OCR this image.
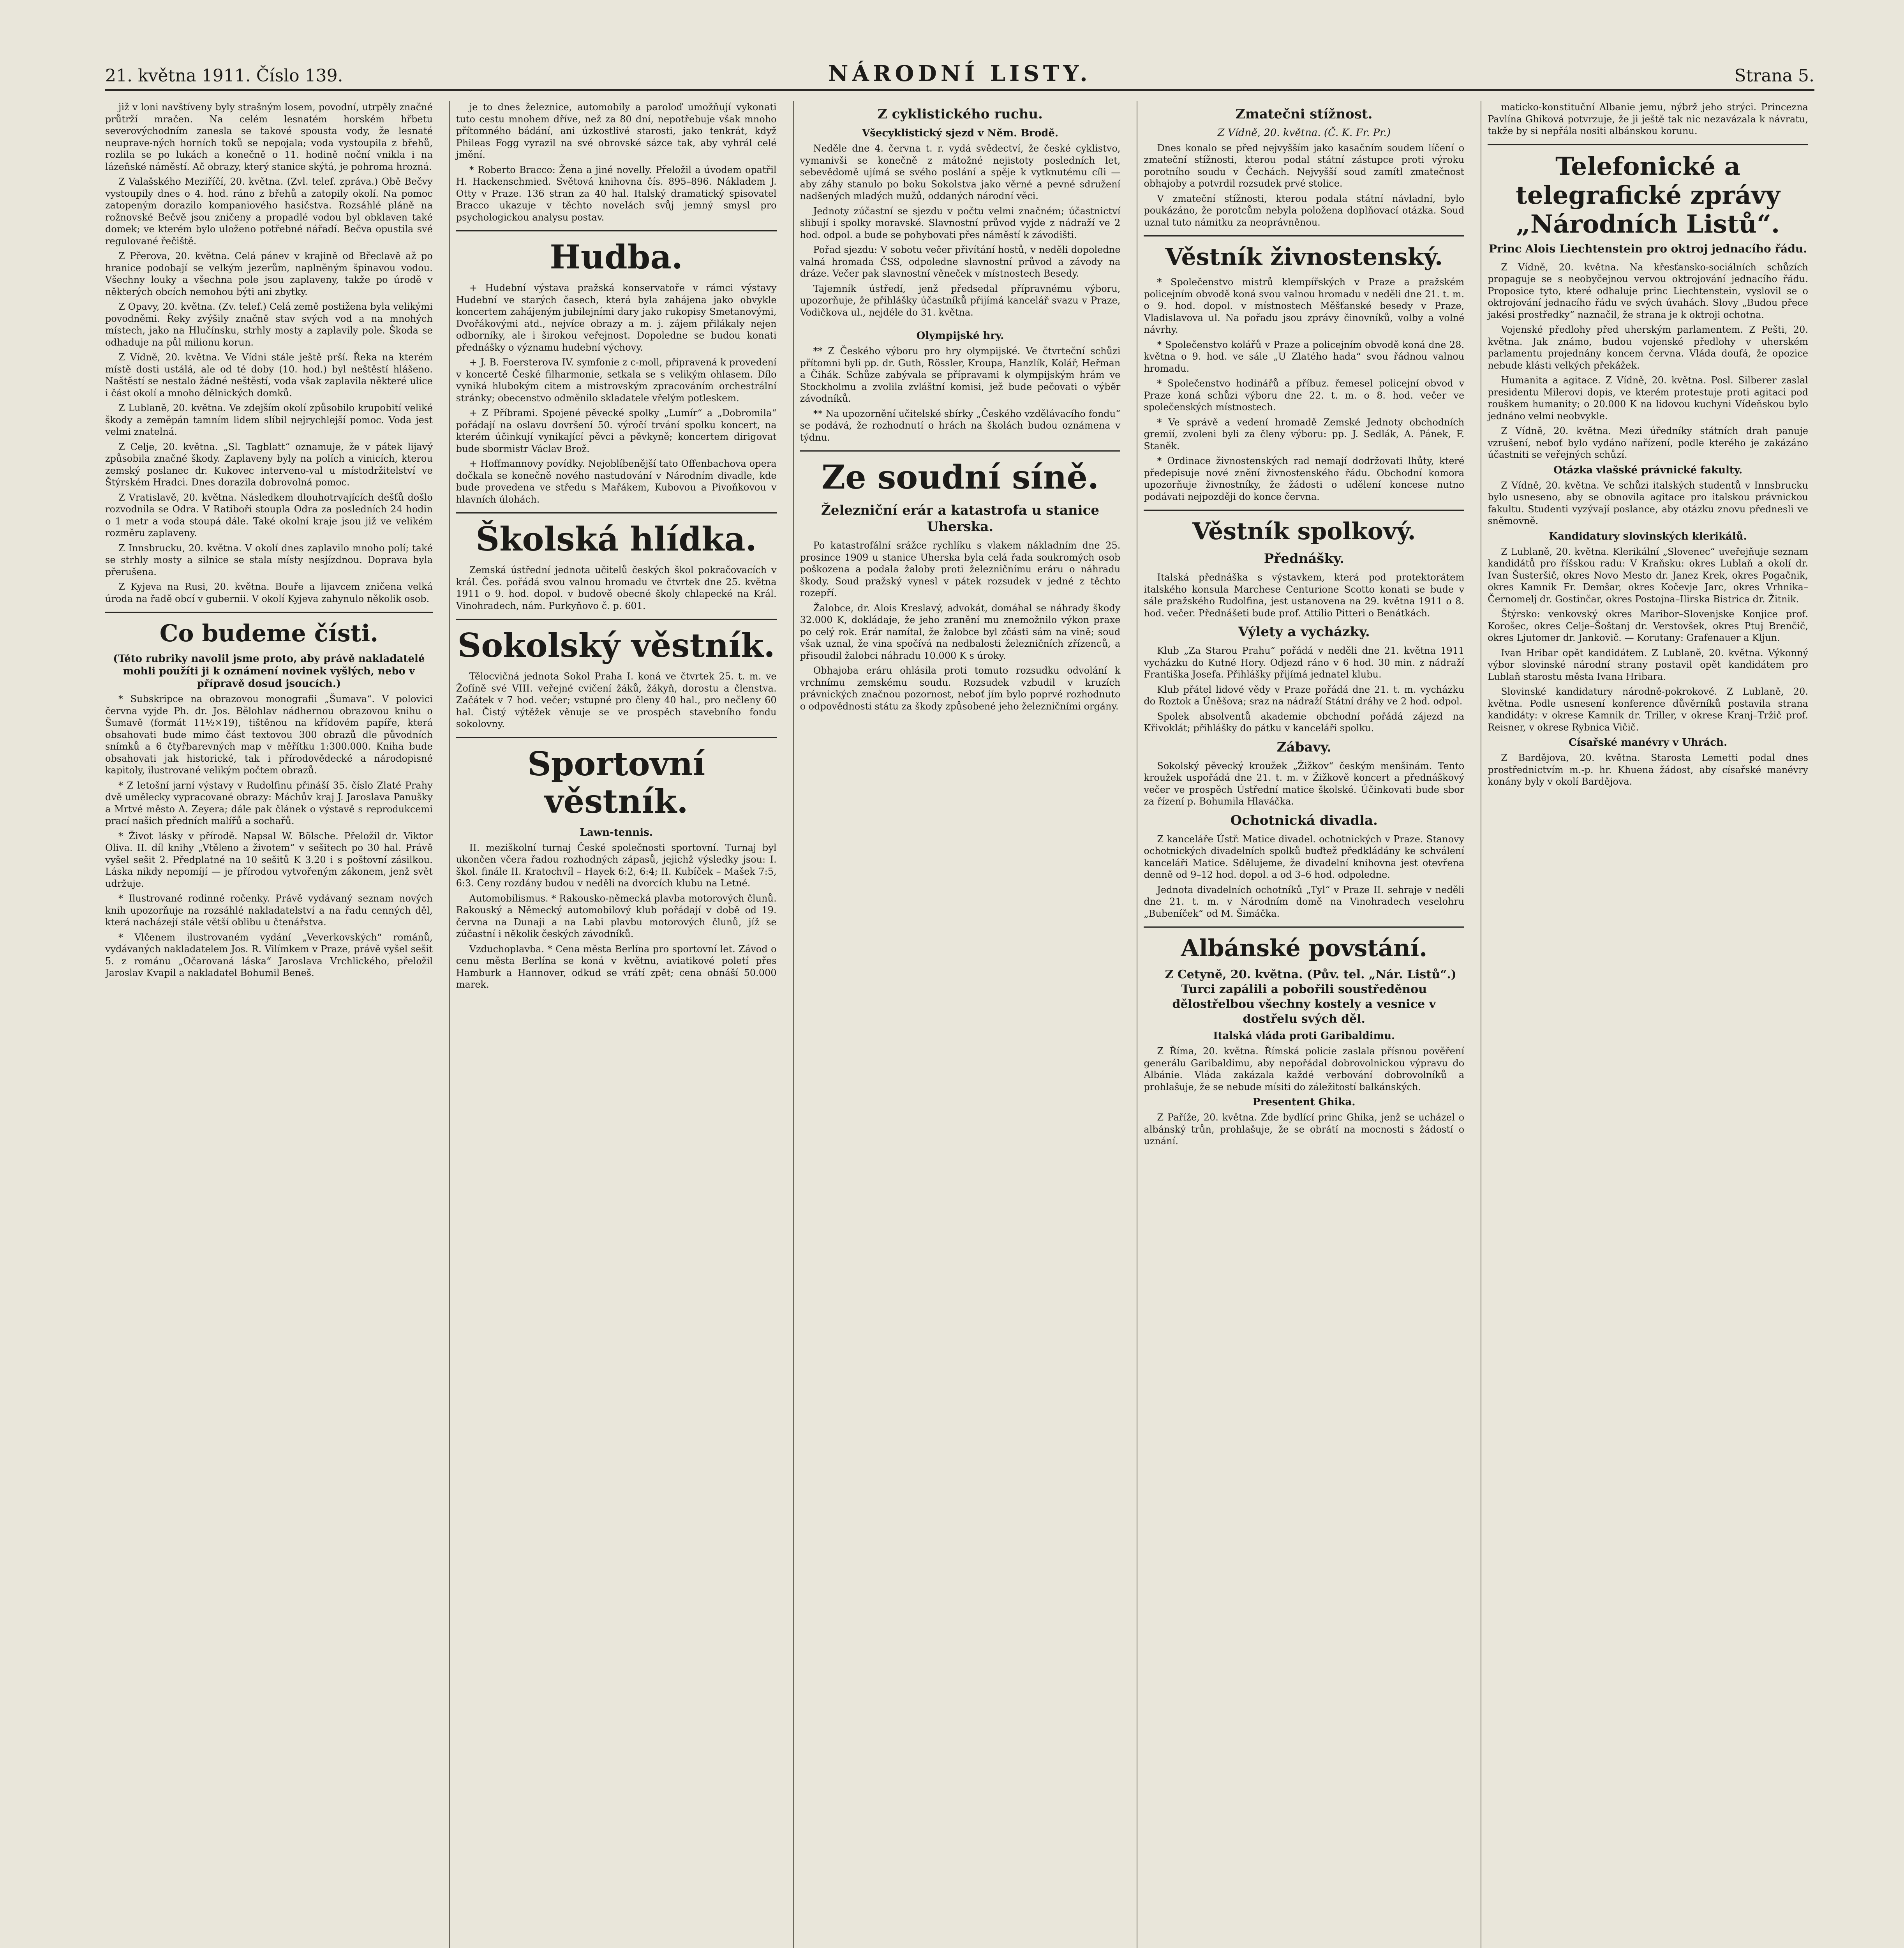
21. května 1911. Číslo 139.	NÁRODNÍ LISTY.	Strana 5.

již v loni navštíveny byly strašným losem, povodní, utrpěly značné průtrží mračen. Na celém lesnatém horském hřbetu severovýchodním zanesla se takové spousta vody, že lesnaté neuprave‑ných horních toků se nepojala; voda vystoupila z břehů, rozlila se po lukách a konečně o 11. hodině noční vnikla i na lázeňské náměstí. Ač obrazy, který stanice skýtá, je pohroma hrozná.

Z Valašského Meziříčí, 20. května. (Zvl. telef. zpráva.) Obě Bečvy vystoupily dnes o 4. hod. ráno z břehů a zatopily okolí. Na pomoc zatopeným dorazilo kompaniového hasičstva. Rozsáhlé pláně na rožnovské Bečvě jsou zničeny a propadlé vodou byl obklaven také domek; ve kterém bylo uloženo potřebné nářadí. Bečva opustila své regulované řečiště.

Z Přerova, 20. května. Celá pánev v krajině od Břeclavě až po hranice podobají se velkým jezerům, naplněným špinavou vodou. Všechny louky a všechna pole jsou zaplaveny, takže po úrodě v některých obcích nemohou býti ani zbytky.

Z Opavy, 20. května. (Zv. telef.) Celá země postižena byla velikými povodněmi. Řeky zvýšily značně stav svých vod a na mnohých místech, jako na Hlučínsku, strhly mosty a zaplavily pole. Škoda se odhaduje na půl milionu korun.

Z Vídně, 20. května. Ve Vídni stále ještě prší. Řeka na kterém místě dosti ustálá, ale od té doby (10. hod.) byl neštěstí hlášeno. Naštěstí se nestalo žádné neštěstí, voda však zaplavila některé ulice i část okolí a mnoho dělnických domků.

Z Lublaně, 20. května. Ve zdejším okolí způsobilo krupobití veliké škody a zeměpán tamním lidem slíbil nejrychlejší pomoc. Voda jest velmi znatelná.

Z Celje, 20. května. „Sl. Tagblatt“ oznamuje, že v pátek lijavý způsobila značné škody. Zaplaveny byly na polích a vinicích, kterou zemský poslanec dr. Kukovec interveno‑val u místodržitelství ve Štýrském Hradci. Dnes dorazila dobrovolná pomoc.

Z Vratislavě, 20. května. Následkem dlouhotrvajících dešťů došlo rozvodnila se Odra. V Ratiboři stoupla Odra za posledních 24 hodin o 1 metr a voda stoupá dále. Také okolní kraje jsou již ve velikém rozměru zaplaveny.

Z Innsbrucku, 20. května. V okolí dnes zaplavilo mnoho polí; také se strhly mosty a silnice se stala místy nesjízdnou. Doprava byla přerušena.

Z Kyjeva na Rusi, 20. května. Bouře a lijavcem zničena velká úroda na řadě obcí v gubernii. V okolí Kyjeva zahynulo několik osob.

Co budeme čísti.
(Této rubriky navolil jsme proto, aby právě nakladatelé mohli použíti ji k oznámení novinek vyšlých, nebo v přípravě dosud jsoucích.)

* Subskripce na obrazovou monografii „Šumava“. V polovici června vyjde Ph. dr. Jos. Bělohlav nádhernou obrazovou knihu o Šumavě (formát 11½×19), tištěnou na křídovém papíře, která obsahovati bude mimo část textovou 300 obrazů dle původních snímků a 6 čtyřbarevných map v měřítku 1:300.000. Kniha bude obsahovati jak historické, tak i přírodovědecké a národopisné kapitoly, ilustrované velikým počtem obrazů.

* Z letošní jarní výstavy v Rudolfinu přináší 35. číslo Zlaté Prahy dvě umělecky vypracované obrazy: Máchův kraj J. Jaroslava Panušky a Mrtvé město A. Zeyera; dále pak článek o výstavě s reprodukcemi prací našich předních malířů a sochařů.

* Život lásky v přírodě. Napsal W. Bölsche. Přeložil dr. Viktor Oliva. II. díl knihy „Vtěleno a životem“ v sešitech po 30 hal. Právě vyšel sešit 2. Předplatné na 10 sešitů K 3.20 i s poštovní zásilkou. Láska nikdy nepomíjí — je přírodou vytvořeným zákonem, jenž svět udržuje.

* Ilustrované rodinné ročenky. Právě vydávaný seznam nových knih upozorňuje na rozsáhlé nakladatelství a na řadu cenných děl, která nacházejí stále větší oblibu u čtenářstva.

* Vlčenem ilustrovaném vydání „Veverkovských“ románů, vydávaných nakladatelem Jos. R. Vilímkem v Praze, právě vyšel sešit 5. z románu „Očarovaná láska“ Jaroslava Vrchlického, přeložil Jaroslav Kvapil a nakladatel Bohumil Beneš.

je to dnes železnice, automobily a paroloď umožňují vykonati tuto cestu mnohem dříve, než za 80 dní, nepotřebuje však mnoho přítomného bádání, ani úzkostlivé starosti, jako tenkrát, když Phileas Fogg vyrazil na své obrovské sázce tak, aby vyhrál celé jmění.

* Roberto Bracco: Žena a jiné novelly. Přeložil a úvodem opatřil H. Hackenschmied. Světová knihovna čís. 895–896. Nákladem J. Otty v Praze. 136 stran za 40 hal. Italský dramatický spisovatel Bracco ukazuje v těchto novelách svůj jemný smysl pro psychologickou analysu postav.

Hudba.

+ Hudební výstava pražská konservatoře v rámci výstavy Hudební ve starých časech, která byla zahájena jako obvykle koncertem zahájeným jubilejními dary jako rukopisy Smetanovými, Dvořákovými atd., nejvíce obrazy a m. j. zájem přilákaly nejen odborníky, ale i širokou veřejnost. Dopoledne se budou konati přednášky o významu hudební výchovy.

+ J. B. Foersterova IV. symfonie z c-moll, připravená k provedení v koncertě České filharmonie, setkala se s velikým ohlasem. Dílo vyniká hlubokým citem a mistrovským zpracováním orchestrální stránky; obecenstvo odměnilo skladatele vřelým potleskem.

+ Z Příbrami. Spojené pěvecké spolky „Lumír“ a „Dobromila“ pořádají na oslavu dovršení 50. výročí trvání spolku koncert, na kterém účinkují vynikající pěvci a pěvkyně; koncertem dirigovat bude sbormistr Václav Brož.

+ Hoffmannovy povídky. Nejoblíbenější tato Offenbachova opera dočkala se konečně nového nastudování v Národním divadle, kde bude provedena ve středu s Mařákem, Kubovou a Pivoňkovou v hlavních úlohách.

Školská hlídka.

Zemská ústřední jednota učitelů českých škol pokračovacích v král. Čes. pořádá svou valnou hromadu ve čtvrtek dne 25. května 1911 o 9. hod. dopol. v budově obecné školy chlapecké na Král. Vinohradech, nám. Purkyňovo č. p. 601.

Sokolský věstník.

Tělocvičná jednota Sokol Praha I. koná ve čtvrtek 25. t. m. ve Žofíně své VIII. veřejné cvičení žáků, žákyň, dorostu a členstva. Začátek v 7 hod. večer; vstupné pro členy 40 hal., pro nečleny 60 hal. Čistý výtěžek věnuje se ve prospěch stavebního fondu sokolovny.

Sportovní věstník.
Lawn-tennis.

II. meziškolní turnaj České společnosti sportovní. Turnaj byl ukončen včera řadou rozhodných zápasů, jejichž výsledky jsou: I. škol. finále II. Kratochvíl – Hayek 6:2, 6:4; II. Kubíček – Mašek 7:5, 6:3. Ceny rozdány budou v neděli na dvorcích klubu na Letné.

Automobilismus. * Rakousko-německá plavba motorových člunů. Rakouský a Německý automobilový klub pořádají v době od 19. června na Dunaji a na Labi plavbu motorových člunů, jíž se zúčastní i několik českých závodníků.

Vzduchoplavba. * Cena města Berlína pro sportovní let. Závod o cenu města Berlína se koná v květnu, aviatikové poletí přes Hamburk a Hannover, odkud se vrátí zpět; cena obnáší 50.000 marek.

Z cyklistického ruchu.
Všecyklistický sjezd v Něm. Brodě.

Neděle dne 4. června t. r. vydá svědectví, že české cyklistvo, vymanivši se konečně z mátožné nejistoty posledních let, sebevědomě ujímá se svého poslání a spěje k vytknutému cíli — aby záhy stanulo po boku Sokolstva jako věrné a pevné sdružení nadšených mladých mužů, oddaných národní věci.

Jednoty zúčastní se sjezdu v počtu velmi značném; účastnictví slibují i spolky moravské. Slavnostní průvod vyjde z nádraží ve 2 hod. odpol. a bude se pohybovati přes náměstí k závodišti.

Pořad sjezdu: V sobotu večer přivítání hostů, v neděli dopoledne valná hromada ČSS, odpoledne slavnostní průvod a závody na dráze. Večer pak slavnostní věneček v místnostech Besedy.

Tajemník ústředí, jenž předsedal přípravnému výboru, upozorňuje, že přihlášky účastníků přijímá kancelář svazu v Praze, Vodičkova ul., nejdéle do 31. května.

Olympijské hry.

** Z Českého výboru pro hry olympijské. Ve čtvrteční schůzi přítomni byli pp. dr. Guth, Rössler, Kroupa, Hanzlík, Kolář, Heřman a Čihák. Schůze zabývala se přípravami k olympijským hrám ve Stockholmu a zvolila zvláštní komisi, jež bude pečovati o výběr závodníků.

** Na upozornění učitelské sbírky „Českého vzdělávacího fondu“ se podává, že rozhodnutí o hrách na školách budou oznámena v týdnu.

Ze soudní síně.
Železniční erár a katastrofa u stanice Uherska.

Po katastrofální srážce rychlíku s vlakem nákladním dne 25. prosince 1909 u stanice Uherska byla celá řada soukromých osob poškozena a podala žaloby proti železničnímu eráru o náhradu škody. Soud pražský vynesl v pátek rozsudek v jedné z těchto rozepří.

Žalobce, dr. Alois Kreslavý, advokát, domáhal se náhrady škody 32.000 K, dokládaje, že jeho zranění mu znemožnilo výkon praxe po celý rok. Erár namítal, že žalobce byl zčásti sám na vině; soud však uznal, že vina spočívá na nedbalosti železničních zřízenců, a přisoudil žalobci náhradu 10.000 K s úroky.

Obhajoba eráru ohlásila proti tomuto rozsudku odvolání k vrchnímu zemskému soudu. Rozsudek vzbudil v kruzích právnických značnou pozornost, neboť jím bylo poprvé rozhodnuto o odpovědnosti státu za škody způsobené jeho železničními orgány.

Zmatečni stížnost.
Z Vídně, 20. května. (Č. K. Fr. Pr.)

Dnes konalo se před nejvyšším jako kasačním soudem líčení o zmateční stížnosti, kterou podal státní zástupce proti výroku porotního soudu v Čechách. Nejvyšší soud zamítl zmatečnost obhajoby a potvrdil rozsudek prvé stolice.

V zmateční stížnosti, kterou podala státní návladní, bylo poukázáno, že porotcům nebyla položena doplňovací otázka. Soud uznal tuto námitku za neoprávněnou.

Věstník živnostenský.

* Společenstvo mistrů klempířských v Praze a pražském policejním obvodě koná svou valnou hromadu v neděli dne 21. t. m. o 9. hod. dopol. v místnostech Měšťanské besedy v Praze, Vladislavova ul. Na pořadu jsou zprávy činovníků, volby a volné návrhy.

* Společenstvo kolářů v Praze a policejním obvodě koná dne 28. května o 9. hod. ve sále „U Zlatého hada“ svou řádnou valnou hromadu.

* Společenstvo hodinářů a příbuz. řemesel policejní obvod v Praze koná schůzi výboru dne 22. t. m. o 8. hod. večer ve společenských místnostech.

* Ve správě a vedení hromadě Zemské Jednoty obchodních gremií, zvoleni byli za členy výboru: pp. J. Sedlák, A. Pánek, F. Staněk.

* Ordinace živnostenských rad nemají dodržovati lhůty, které předepisuje nové znění živnostenského řádu. Obchodní komora upozorňuje živnostníky, že žádosti o udělení koncese nutno podávati nejpozději do konce června.

Věstník spolkový.
Přednášky.

Italská přednáška s výstavkem, která pod protektorátem italského konsula Marchese Centurione Scotto konati se bude v sále pražského Rudolfina, jest ustanovena na 29. května 1911 o 8. hod. večer. Přednášeti bude prof. Attilio Pitteri o Benátkách.

Výlety a vycházky.

Klub „Za Starou Prahu“ pořádá v neděli dne 21. května 1911 vycházku do Kutné Hory. Odjezd ráno v 6 hod. 30 min. z nádraží Františka Josefa. Přihlášky přijímá jednatel klubu.

Klub přátel lidové vědy v Praze pořádá dne 21. t. m. vycházku do Roztok a Úněšova; sraz na nádraží Státní dráhy ve 2 hod. odpol.

Spolek absolventů akademie obchodní pořádá zájezd na Křivoklát; přihlášky do pátku v kanceláři spolku.

Zábavy.

Sokolský pěvecký kroužek „Žižkov“ českým menšinám. Tento kroužek uspořádá dne 21. t. m. v Žižkově koncert a přednáškový večer ve prospěch Ústřední matice školské. Účinkovati bude sbor za řízení p. Bohumila Hlaváčka.

Ochotnická divadla.

Z kanceláře Ústř. Matice divadel. ochotnických v Praze. Stanovy ochotnických divadelních spolků buďtež předkládány ke schválení kanceláři Matice. Sdělujeme, že divadelní knihovna jest otevřena denně od 9–12 hod. dopol. a od 3–6 hod. odpoledne.

Jednota divadelních ochotníků „Tyl“ v Praze II. sehraje v neděli dne 21. t. m. v Národním domě na Vinohradech veselohru „Bubeníček“ od M. Šimáčka.

Albánské povstání.

Z Cetyně, 20. května. (Pův. tel. „Nár. Listů“.) Turci zapálili a pobořili soustředěnou dělostřelbou všechny kostely a vesnice v dostřelu svých děl.

Italská vláda proti Garibaldimu.

Z Říma, 20. května. Římská policie zaslala přísnou pověření generálu Garibaldimu, aby nepořádal dobrovolnickou výpravu do Albánie. Vláda zakázala každé verbování dobrovolníků a prohlašuje, že se nebude mísiti do záležitostí balkánských.

Presentent Ghika.

Z Paříže, 20. května. Zde bydlící princ Ghika, jenž se ucházel o albánský trůn, prohlašuje, že se obrátí na mocnosti s žádostí o uznání.

maticko-konstituční Albanie jemu, nýbrž jeho strýci. Princezna Pavlína Ghiková potvrzuje, že ji ještě tak nic nezavázala k návratu, takže by si nepřála nositi albánskou korunu.

Telefonické a telegrafické zprávy „Národních Listů“.
Princ Alois Liechtenstein pro oktroj jednacího řádu.

Z Vídně, 20. května. Na křesťansko-sociálních schůzích propaguje se s neobyčejnou vervou oktrojování jednacího řádu. Proposice tyto, které odhaluje princ Liechtenstein, vyslovil se o oktrojování jednacího řádu ve svých úvahách. Slovy „Budou přece jakési prostředky“ naznačil, že strana je k oktroji ochotna.

Vojenské předlohy před uherským parlamentem. Z Pešti, 20. května. Jak známo, budou vojenské předlohy v uherském parlamentu projednány koncem června. Vláda doufá, že opozice nebude klásti velkých překážek.

Humanita a agitace. Z Vídně, 20. května. Posl. Silberer zaslal presidentu Milerovi dopis, ve kterém protestuje proti agitaci pod rouškem humanity; o 20.000 K na lidovou kuchyni Vídeňskou bylo jednáno velmi neobvykle.

Z Vídně, 20. května. Mezi úředníky státních drah panuje vzrušení, neboť bylo vydáno nařízení, podle kterého je zakázáno účastniti se veřejných schůzí.

Otázka vlašské právnické fakulty.

Z Vídně, 20. května. Ve schůzi italských studentů v Innsbrucku bylo usneseno, aby se obnovila agitace pro italskou právnickou fakultu. Studenti vyzývají poslance, aby otázku znovu přednesli ve sněmovně.

Kandidatury slovinských klerikálů.

Z Lublaně, 20. května. Klerikální „Slovenec“ uveřejňuje seznam kandidátů pro říšskou radu: V Kraňsku: okres Lublaň a okolí dr. Ivan Šusteršič, okres Novo Mesto dr. Janez Krek, okres Pogačnik, okres Kamnik Fr. Demšar, okres Kočevje Jarc, okres Vrhnika–Černomelj dr. Gostinčar, okres Postojna–Ilirska Bistrica dr. Žitnik.

Štýrsko: venkovský okres Maribor–Slovenjske Konjice prof. Korošec, okres Celje–Šoštanj dr. Verstovšek, okres Ptuj Brenčič, okres Ljutomer dr. Jankovič. — Korutany: Grafenauer a Kljun.

Ivan Hribar opět kandidátem. Z Lublaně, 20. května. Výkonný výbor slovinské národní strany postavil opět kandidátem pro Lublaň starostu města Ivana Hribara.

Slovinské kandidatury národně-pokrokové. Z Lublaně, 20. května. Podle usnesení konference důvěrníků postavila strana kandidáty: v okrese Kamnik dr. Triller, v okrese Kranj–Tržič prof. Reisner, v okrese Rybnica Vičič.

Císařské manévry v Uhrách.

Z Bardějova, 20. května. Starosta Lemetti podal dnes prostřednictvím m.-p. hr. Khuena žádost, aby císařské manévry konány byly v okolí Bardějova.
